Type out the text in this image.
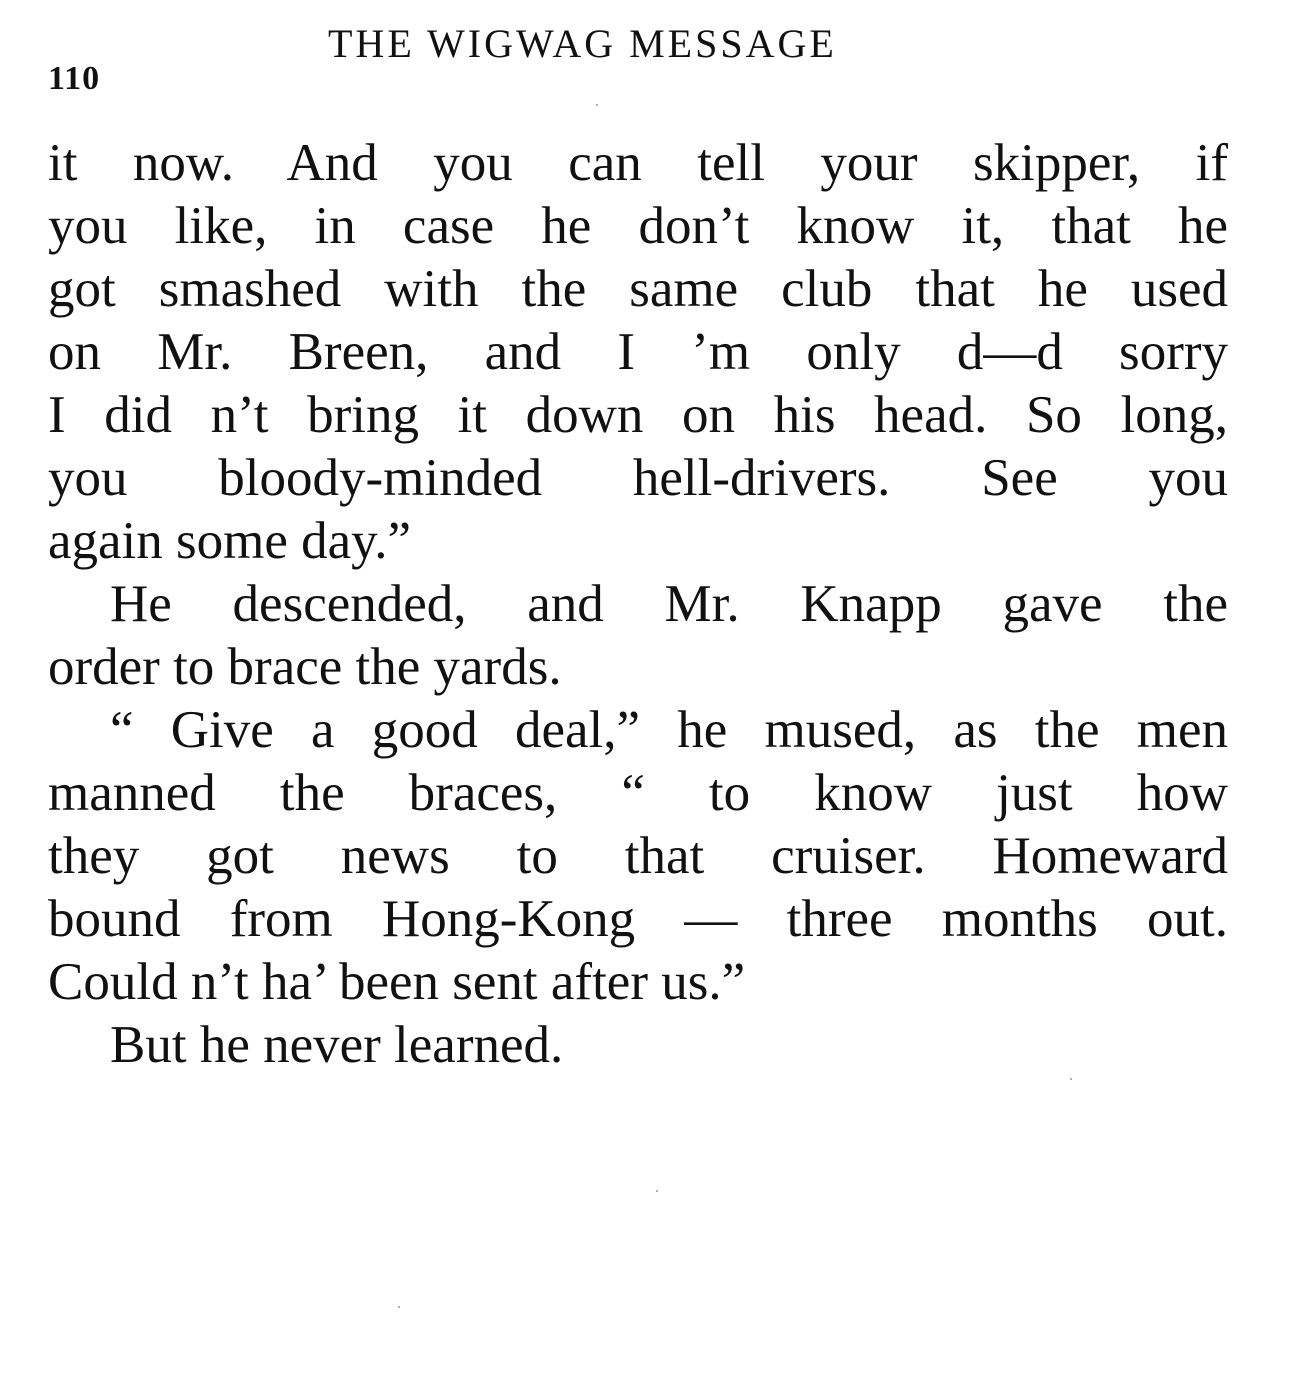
110
THE WIGWAG MESSAGE
it now. And you can tell your skipper, if
you like, in case he don’t know it, that he
got smashed with the same club that he used
on Mr. Breen, and I ’m only d—d sorry
I did n’t bring it down on his head. So long,
you bloody-minded hell-drivers. See you
again some day.”
He descended, and Mr. Knapp gave the
order to brace the yards.
“ Give a good deal,” he mused, as the men
manned the braces, “ to know just how
they got news to that cruiser. Homeward
bound from Hong-Kong — three months out.
Could n’t ha’ been sent after us.”
But he never learned.
